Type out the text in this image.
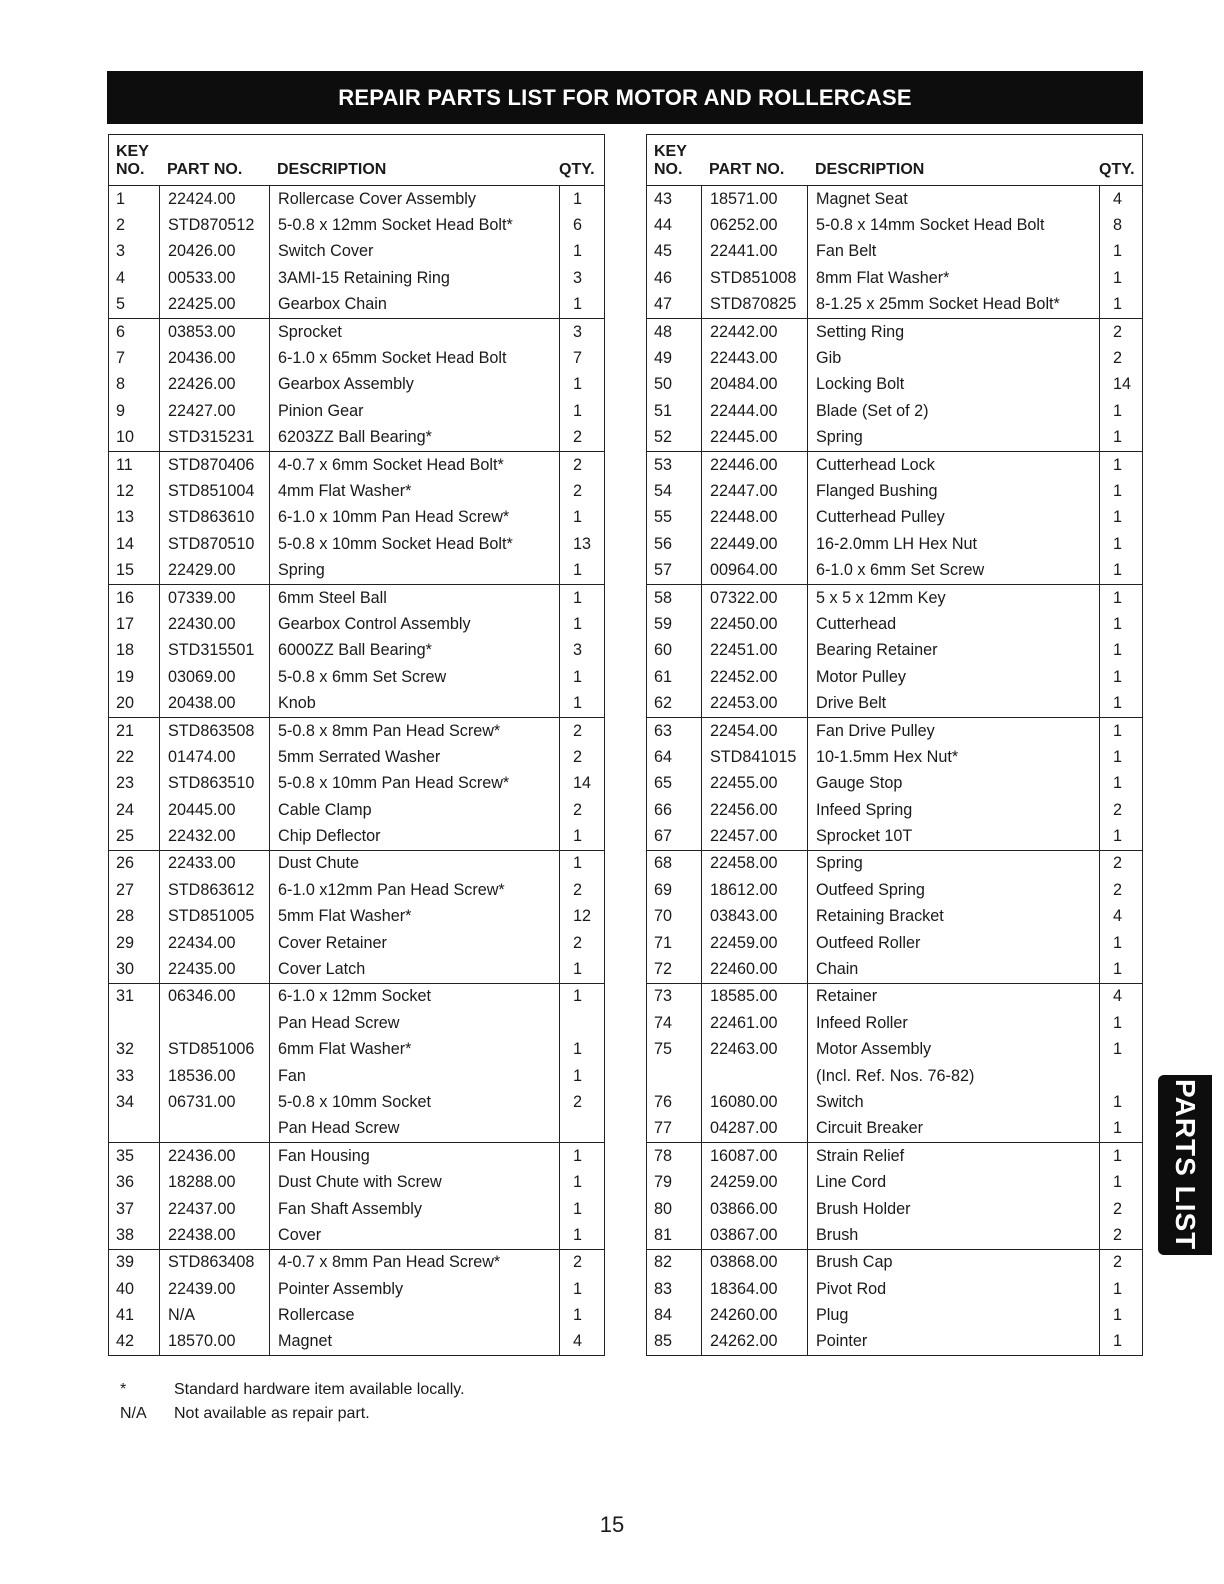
REPAIR PARTS LIST FOR MOTOR AND ROLLERCASE
KEY
NO.	PART NO.	DESCRIPTION	QTY.
1	22424.00	Rollercase Cover Assembly	1
2	STD870512	5-0.8 x 12mm Socket Head Bolt*	6
3	20426.00	Switch Cover	1
4	00533.00	3AMI-15 Retaining Ring	3
5	22425.00	Gearbox Chain	1
6	03853.00	Sprocket	3
7	20436.00	6-1.0 x 65mm Socket Head Bolt	7
8	22426.00	Gearbox Assembly	1
9	22427.00	Pinion Gear	1
10	STD315231	6203ZZ Ball Bearing*	2
11	STD870406	4-0.7 x 6mm Socket Head Bolt*	2
12	STD851004	4mm Flat Washer*	2
13	STD863610	6-1.0 x 10mm Pan Head Screw*	1
14	STD870510	5-0.8 x 10mm Socket Head Bolt*	13
15	22429.00	Spring	1
16	07339.00	6mm Steel Ball	1
17	22430.00	Gearbox Control Assembly	1
18	STD315501	6000ZZ Ball Bearing*	3
19	03069.00	5-0.8 x 6mm Set Screw	1
20	20438.00	Knob	1
21	STD863508	5-0.8 x 8mm Pan Head Screw*	2
22	01474.00	5mm Serrated Washer	2
23	STD863510	5-0.8 x 10mm Pan Head Screw*	14
24	20445.00	Cable Clamp	2
25	22432.00	Chip Deflector	1
26	22433.00	Dust Chute	1
27	STD863612	6-1.0 x12mm Pan Head Screw*	2
28	STD851005	5mm Flat Washer*	12
29	22434.00	Cover Retainer	2
30	22435.00	Cover Latch	1
31	06346.00	6-1.0 x 12mm Socket	1
Pan Head Screw
32	STD851006	6mm Flat Washer*	1
33	18536.00	Fan	1
34	06731.00	5-0.8 x 10mm Socket	2
Pan Head Screw
35	22436.00	Fan Housing	1
36	18288.00	Dust Chute with Screw	1
37	22437.00	Fan Shaft Assembly	1
38	22438.00	Cover	1
39	STD863408	4-0.7 x 8mm Pan Head Screw*	2
40	22439.00	Pointer Assembly	1
41	N/A	Rollercase	1
42	18570.00	Magnet	4
KEY
NO.	PART NO.	DESCRIPTION	QTY.
43	18571.00	Magnet Seat	4
44	06252.00	5-0.8 x 14mm Socket Head Bolt	8
45	22441.00	Fan Belt	1
46	STD851008	8mm Flat Washer*	1
47	STD870825	8-1.25 x 25mm Socket Head Bolt*	1
48	22442.00	Setting Ring	2
49	22443.00	Gib	2
50	20484.00	Locking Bolt	14
51	22444.00	Blade (Set of 2)	1
52	22445.00	Spring	1
53	22446.00	Cutterhead Lock	1
54	22447.00	Flanged Bushing	1
55	22448.00	Cutterhead Pulley	1
56	22449.00	16-2.0mm LH Hex Nut	1
57	00964.00	6-1.0 x 6mm Set Screw	1
58	07322.00	5 x 5 x 12mm Key	1
59	22450.00	Cutterhead	1
60	22451.00	Bearing Retainer	1
61	22452.00	Motor Pulley	1
62	22453.00	Drive Belt	1
63	22454.00	Fan Drive Pulley	1
64	STD841015	10-1.5mm Hex Nut*	1
65	22455.00	Gauge Stop	1
66	22456.00	Infeed Spring	2
67	22457.00	Sprocket 10T	1
68	22458.00	Spring	2
69	18612.00	Outfeed Spring	2
70	03843.00	Retaining Bracket	4
71	22459.00	Outfeed Roller	1
72	22460.00	Chain	1
73	18585.00	Retainer	4
74	22461.00	Infeed Roller	1
75	22463.00	Motor Assembly	1
(Incl. Ref. Nos. 76-82)
76	16080.00	Switch	1
77	04287.00	Circuit Breaker	1
78	16087.00	Strain Relief	1
79	24259.00	Line Cord	1
80	03866.00	Brush Holder	2
81	03867.00	Brush	2
82	03868.00	Brush Cap	2
83	18364.00	Pivot Rod	1
84	24260.00	Plug	1
85	24262.00	Pointer	1
*	Standard hardware item available locally.
N/A	Not available as repair part.
15
PARTS LIST
